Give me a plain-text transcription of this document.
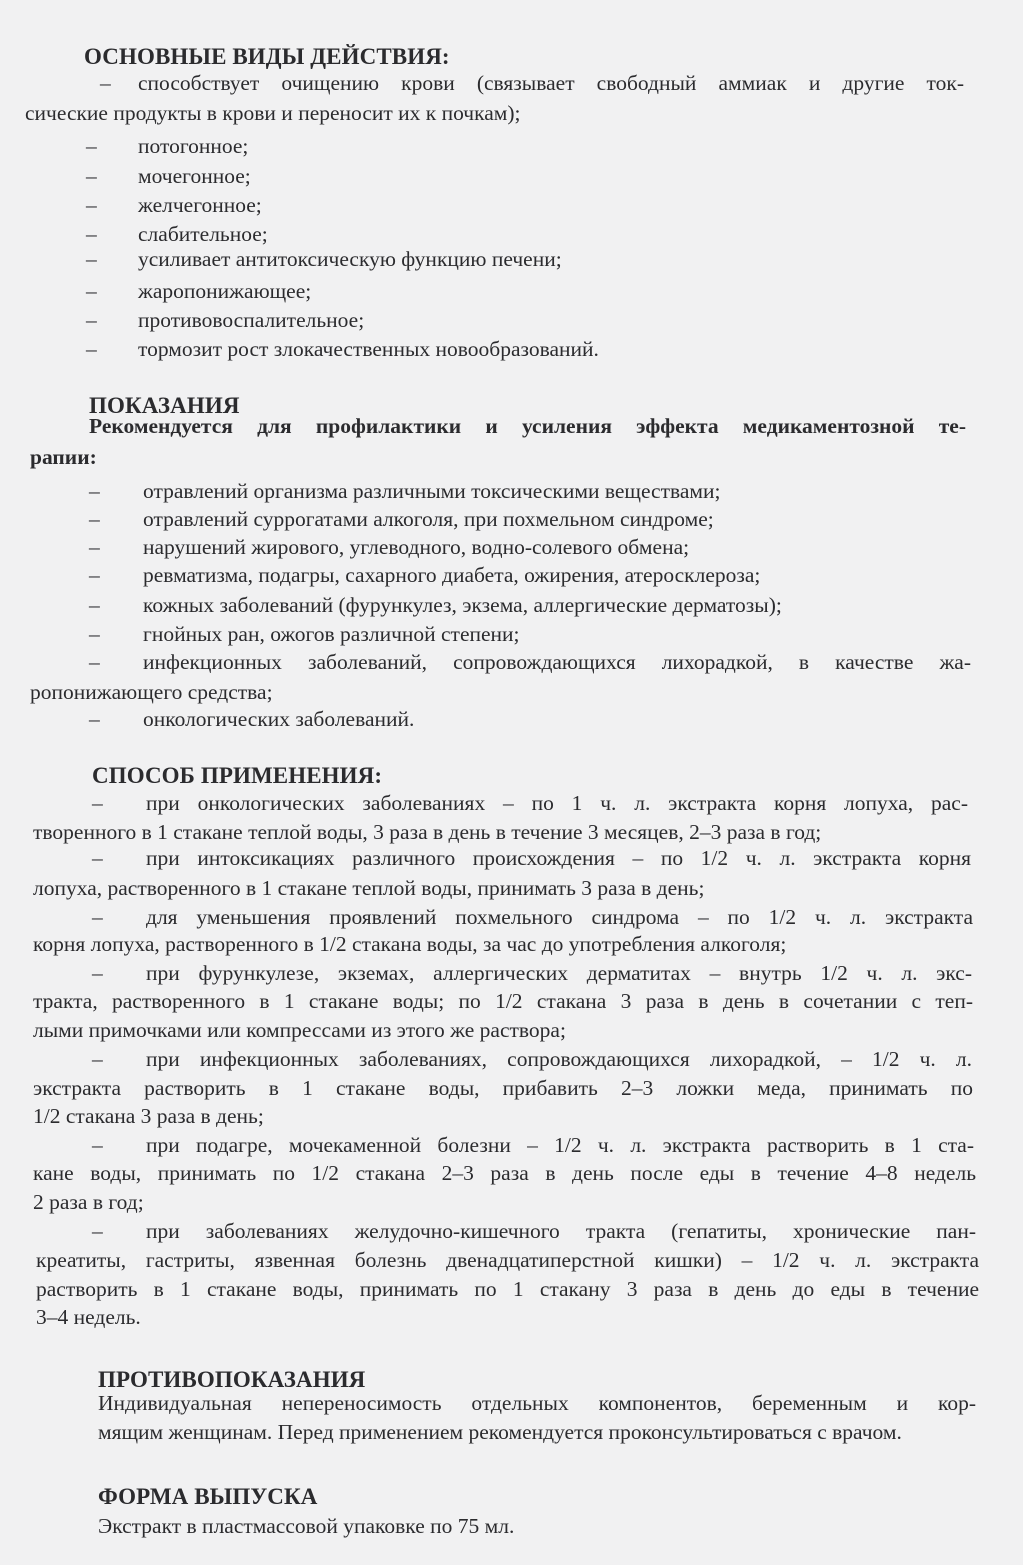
ОСНОВНЫЕ ВИДЫ ДЕЙСТВИЯ:
– способствует очищению крови (связывает свободный аммиак и другие ток-
сические продукты в крови и переносит их к почкам);
– потогонное;
– мочегонное;
– желчегонное;
– слабительное;
– усиливает антитоксическую функцию печени;
– жаропонижающее;
– противовоспалительное;
– тормозит рост злокачественных новообразований.
ПОКАЗАНИЯ
Рекомендуется для профилактики и усиления эффекта медикаментозной те-
рапии:
– отравлений организма различными токсическими веществами;
– отравлений суррогатами алкоголя, при похмельном синдроме;
– нарушений жирового, углеводного, водно-солевого обмена;
– ревматизма, подагры, сахарного диабета, ожирения, атеросклероза;
– кожных заболеваний (фурункулез, экзема, аллергические дерматозы);
– гнойных ран, ожогов различной степени;
– инфекционных заболеваний, сопровождающихся лихорадкой, в качестве жа-
ропонижающего средства;
– онкологических заболеваний.
СПОСОБ ПРИМЕНЕНИЯ:
– при онкологических заболеваниях – по 1 ч. л. экстракта корня лопуха, рас-
творенного в 1 стакане теплой воды, 3 раза в день в течение 3 месяцев, 2–3 раза в год;
– при интоксикациях различного происхождения – по 1/2 ч. л. экстракта корня
лопуха, растворенного в 1 стакане теплой воды, принимать 3 раза в день;
– для уменьшения проявлений похмельного синдрома – по 1/2 ч. л. экстракта
корня лопуха, растворенного в 1/2 стакана воды, за час до употребления алкоголя;
– при фурункулезе, экземах, аллергических дерматитах – внутрь 1/2 ч. л. экс-
тракта, растворенного в 1 стакане воды; по 1/2 стакана 3 раза в день в сочетании с теп-
лыми примочками или компрессами из этого же раствора;
– при инфекционных заболеваниях, сопровождающихся лихорадкой, – 1/2 ч. л.
экстракта растворить в 1 стакане воды, прибавить 2–3 ложки меда, принимать по
1/2 стакана 3 раза в день;
– при подагре, мочекаменной болезни – 1/2 ч. л. экстракта растворить в 1 ста-
кане воды, принимать по 1/2 стакана 2–3 раза в день после еды в течение 4–8 недель
2 раза в год;
– при заболеваниях желудочно-кишечного тракта (гепатиты, хронические пан-
креатиты, гастриты, язвенная болезнь двенадцатиперстной кишки) – 1/2 ч. л. экстракта
растворить в 1 стакане воды, принимать по 1 стакану 3 раза в день до еды в течение
3–4 недель.
ПРОТИВОПОКАЗАНИЯ
Индивидуальная непереносимость отдельных компонентов, беременным и кор-
мящим женщинам. Перед применением рекомендуется проконсультироваться с врачом.
ФОРМА ВЫПУСКА
Экстракт в пластмассовой упаковке по 75 мл.
